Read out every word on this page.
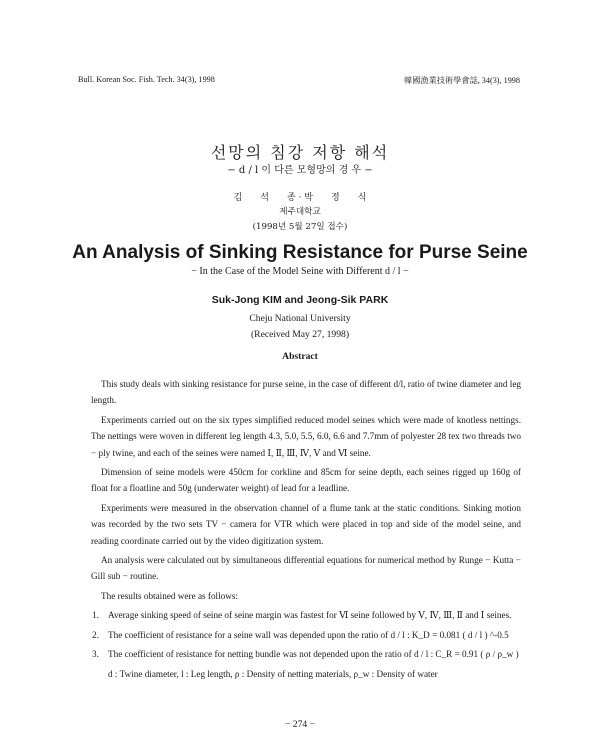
Bull. Korean Soc. Fish. Tech. 34(3), 1998	韓國漁業技術學會誌, 34(3), 1998
선망의 침강 저항 해석
− d / l 이 다른 모형망의 경 우 −
김 석 종 · 박 정 식
제주대학교
(1998년 5월 27일 접수)
An Analysis of Sinking Resistance for Purse Seine
− In the Case of the Model Seine with Different d / l −
Suk-Jong KIM and Jeong-Sik PARK
Cheju National University
(Received May 27, 1998)
Abstract

This study deals with sinking resistance for purse seine, in the case of different d/l, ratio of twine diameter and leg length.

Experiments carried out on the six types simplified reduced model seines which were made of knotless nettings. The nettings were woven in different leg length 4.3, 5.0, 5.5, 6.0, 6.6 and 7.7mm of polyester 28 tex two threads two − ply twine, and each of the seines were named Ⅰ, Ⅱ, Ⅲ, Ⅳ, Ⅴ and Ⅵ seine.

Dimension of seine models were 450cm for corkline and 85cm for seine depth, each seines rigged up 160g of float for a floatline and 50g (underwater weight) of lead for a leadline.

Experiments were measured in the observation channel of a flume tank at the static conditions. Sinking motion was recorded by the two sets TV − camera for VTR which were placed in top and side of the model seine, and reading coordinate carried out by the video digitization system.

An analysis were calculated out by simultaneous differential equations for numerical method by Runge − Kutta − Gill sub − routine.

The results obtained were as follows:

1. Average sinking speed of seine of seine margin was fastest for Ⅵ seine followed by Ⅴ, Ⅳ, Ⅲ, Ⅱ and Ⅰ seines.
2. The coefficient of resistance for a seine wall was depended upon the ratio of d / l : K_D = 0.081 ( d / l ) ^-0.5
3. The coefficient of resistance for netting bundle was not depended upon the ratio of d / l : C_R = 0.91 ( ρ / ρ_w )
d : Twine diameter, l : Leg length, ρ : Density of netting materials, ρ_w : Density of water
− 274 −
